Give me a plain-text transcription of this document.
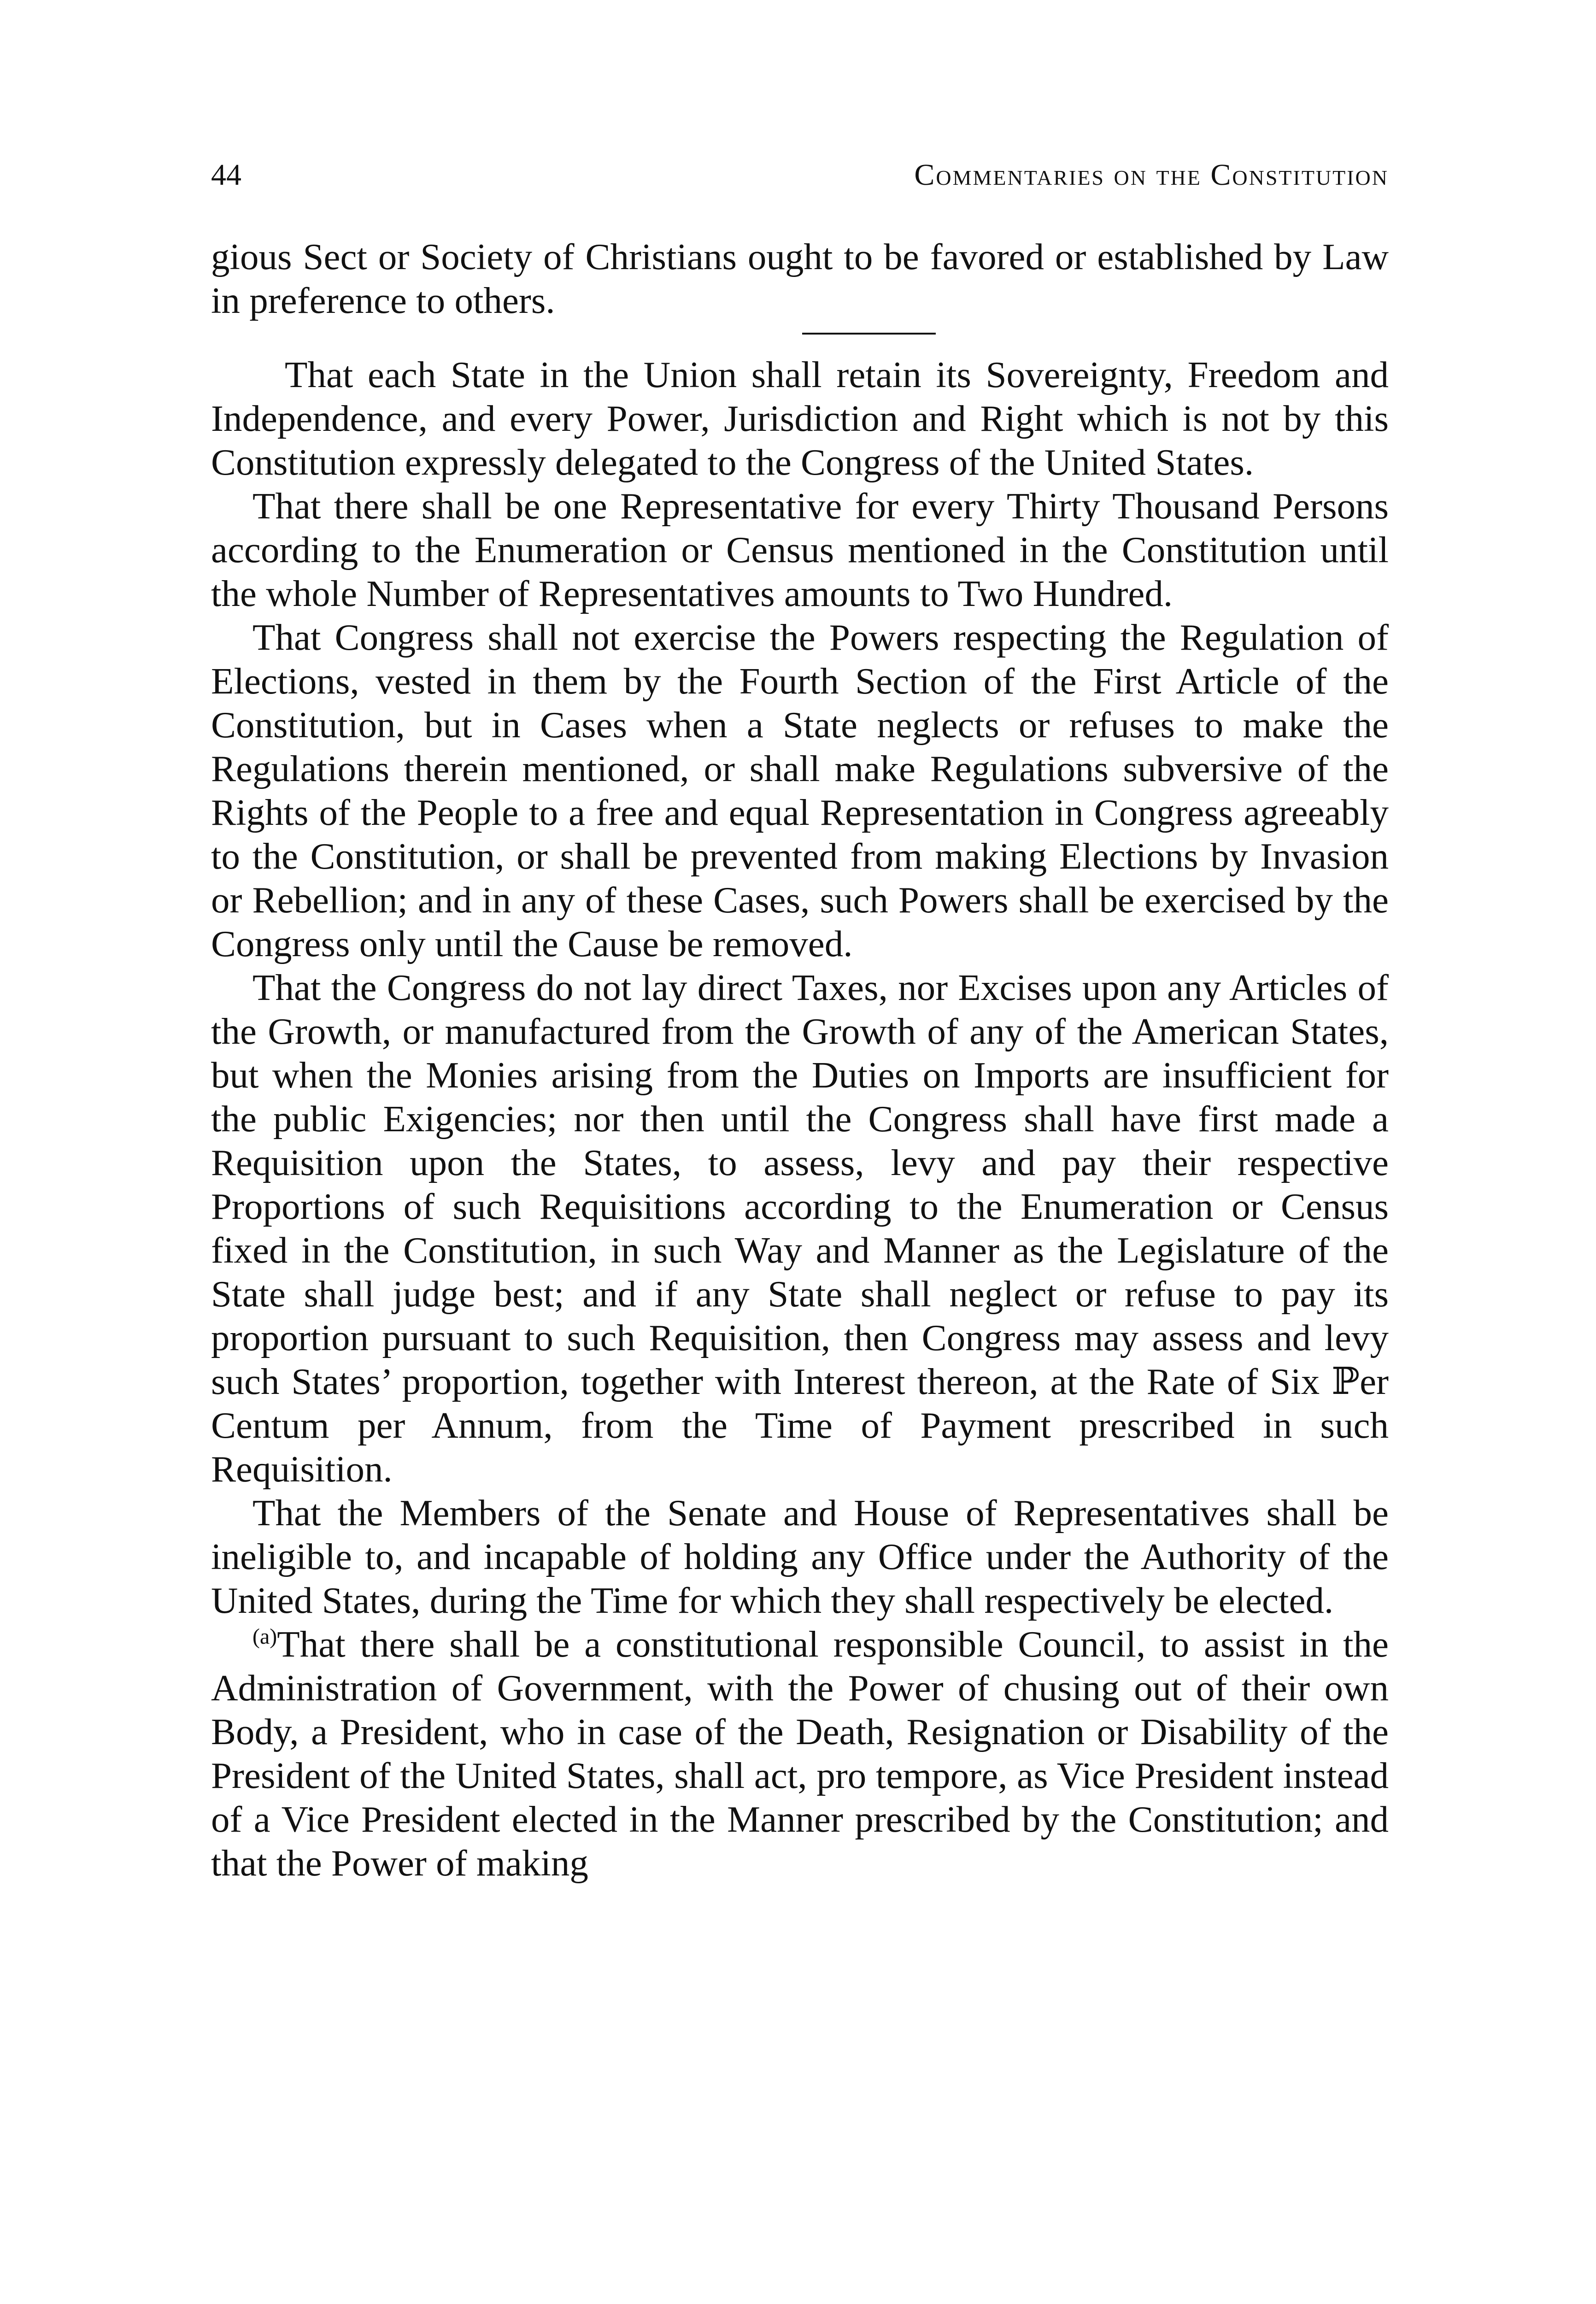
44	Commentaries on the Constitution

gious Sect or Society of Christians ought to be favored or established by Law in preference to others.

That each State in the Union shall retain its Sovereignty, Freedom and Independence, and every Power, Jurisdiction and Right which is not by this Constitution expressly delegated to the Congress of the United States.

That there shall be one Representative for every Thirty Thousand Persons according to the Enumeration or Census mentioned in the Constitution until the whole Number of Representatives amounts to Two Hundred.

That Congress shall not exercise the Powers respecting the Regulation of Elections, vested in them by the Fourth Section of the First Article of the Constitution, but in Cases when a State neglects or refuses to make the Regulations therein mentioned, or shall make Regulations subversive of the Rights of the People to a free and equal Representation in Congress agreeably to the Constitution, or shall be prevented from making Elections by Invasion or Rebellion; and in any of these Cases, such Powers shall be exercised by the Congress only until the Cause be removed.

That the Congress do not lay direct Taxes, nor Excises upon any Articles of the Growth, or manufactured from the Growth of any of the American States, but when the Monies arising from the Duties on Imports are insufficient for the public Exigencies; nor then until the Congress shall have first made a Requisition upon the States, to assess, levy and pay their respective Proportions of such Requisitions according to the Enumeration or Census fixed in the Constitution, in such Way and Manner as the Legislature of the State shall judge best; and if any State shall neglect or refuse to pay its proportion pursuant to such Requisition, then Congress may assess and levy such States’ proportion, together with Interest thereon, at the Rate of Six ℙer Centum per Annum, from the Time of Payment prescribed in such Requisition.

That the Members of the Senate and House of Representatives shall be ineligible to, and incapable of holding any Office under the Authority of the United States, during the Time for which they shall respectively be elected.

$^{(a)}$That there shall be a constitutional responsible Council, to assist in the Administration of Government, with the Power of chusing out of their own Body, a President, who in case of the Death, Resignation or Disability of the President of the United States, shall act, pro tempore, as Vice President instead of a Vice President elected in the Manner prescribed by the Constitution; and that the Power of making
